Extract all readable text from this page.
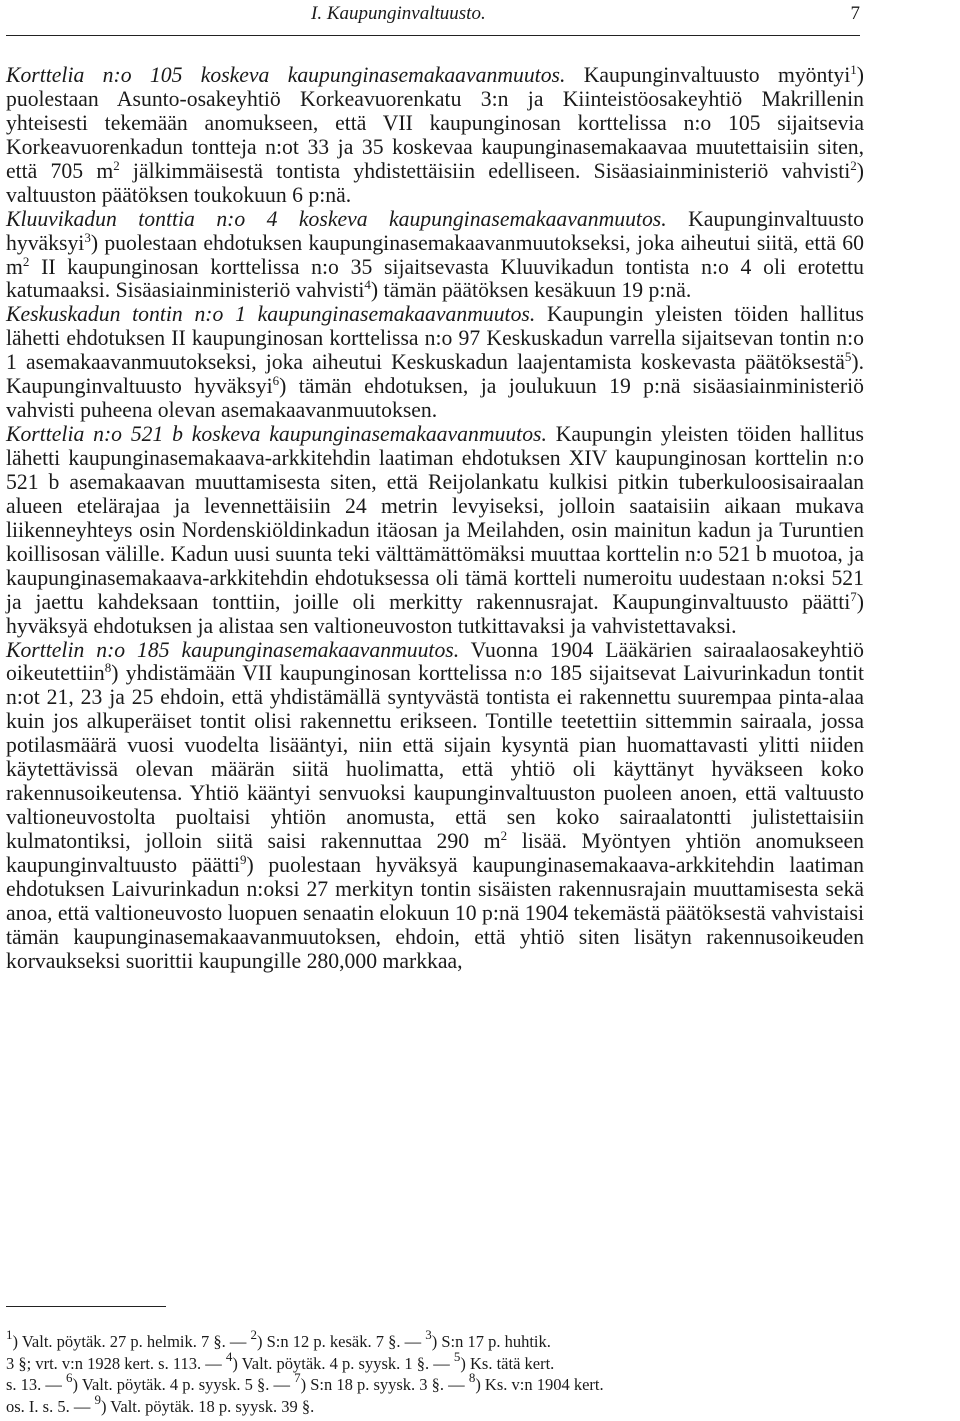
I. Kaupunginvaltuusto.	7

Korttelia n:o 105 koskeva kaupunginasemakaavanmuutos. Kaupunginvaltuusto myöntyi$^1$) puolestaan Asunto-osakeyhtiö Korkeavuorenkatu 3:n ja Kiinteistöosakeyhtiö Makrillenin yhteisesti tekemään anomukseen, että VII kaupunginosan korttelissa n:o 105 sijaitsevia Korkeavuorenkadun tontteja n:ot 33 ja 35 koskevaa kaupunginasemakaavaa muutettaisiin siten, että 705 $m^2$ jälkimmäisestä tontista yhdistettäisiin edelliseen. Sisäasiainministeriö vahvisti$^2$) valtuuston päätöksen toukokuun 6 p:nä.

Kluuvikadun tonttia n:o 4 koskeva kaupunginasemakaavanmuutos. Kaupunginvaltuusto hyväksyi$^3$) puolestaan ehdotuksen kaupunginasemakaavanmuutokseksi, joka aiheutui siitä, että 60 $m^2$ II kaupunginosan korttelissa n:o 35 sijaitsevasta Kluuvikadun tontista n:o 4 oli erotettu katumaaksi. Sisäasiainministeriö vahvisti$^4$) tämän päätöksen kesäkuun 19 p:nä.

Keskuskadun tontin n:o 1 kaupunginasemakaavanmuutos. Kaupungin yleisten töiden hallitus lähetti ehdotuksen II kaupunginosan korttelissa n:o 97 Keskuskadun varrella sijaitsevan tontin n:o 1 asemakaavanmuutokseksi, joka aiheutui Keskuskadun laajentamista koskevasta päätöksestä$^5$). Kaupunginvaltuusto hyväksyi$^6$) tämän ehdotuksen, ja joulukuun 19 p:nä sisäasiainministeriö vahvisti puheena olevan asemakaavanmuutoksen.

Korttelia n:o 521 b koskeva kaupunginasemakaavanmuutos. Kaupungin yleisten töiden hallitus lähetti kaupunginasemakaava-arkkitehdin laatiman ehdotuksen XIV kaupunginosan korttelin n:o 521 b asemakaavan muuttamisesta siten, että Reijolankatu kulkisi pitkin tuberkuloosisairaalan alueen etelärajaa ja levennettäisiin 24 metrin levyiseksi, jolloin saataisiin aikaan mukava liikenneyhteys osin Nordenskiöldinkadun itäosan ja Meilahden, osin mainitun kadun ja Turuntien koillisosan välille. Kadun uusi suunta teki välttämättömäksi muuttaa korttelin n:o 521 b muotoa, ja kaupunginasemakaava-arkkitehdin ehdotuksessa oli tämä kortteli numeroitu uudestaan n:oksi 521 ja jaettu kahdeksaan tonttiin, joille oli merkitty rakennusrajat. Kaupunginvaltuusto päätti$^7$) hyväksyä ehdotuksen ja alistaa sen valtioneuvoston tutkittavaksi ja vahvistettavaksi.

Korttelin n:o 185 kaupunginasemakaavanmuutos. Vuonna 1904 Lääkärien sairaalaosakeyhtiö oikeutettiin$^8$) yhdistämään VII kaupunginosan korttelissa n:o 185 sijaitsevat Laivurinkadun tontit n:ot 21, 23 ja 25 ehdoin, että yhdistämällä syntyvästä tontista ei rakennettu suurempaa pinta-alaa kuin jos alkuperäiset tontit olisi rakennettu erikseen. Tontille teetettiin sittemmin sairaala, jossa potilasmäärä vuosi vuodelta lisääntyi, niin että sijain kysyntä pian huomattavasti ylitti niiden käytettävissä olevan määrän siitä huolimatta, että yhtiö oli käyttänyt hyväkseen koko rakennusoikeutensa. Yhtiö kääntyi senvuoksi kaupunginvaltuuston puoleen anoen, että valtuusto valtioneuvostolta puoltaisi yhtiön anomusta, että sen koko sairaalatontti julistettaisiin kulmatontiksi, jolloin siitä saisi rakennuttaa 290 $m^2$ lisää. Myöntyen yhtiön anomukseen kaupunginvaltuusto päätti$^9$) puolestaan hyväksyä kaupunginasemakaava-arkkitehdin laatiman ehdotuksen Laivurinkadun n:oksi 27 merkityn tontin sisäisten rakennusrajain muuttamisesta sekä anoa, että valtioneuvosto luopuen senaatin elokuun 10 p:nä 1904 tekemästä päätöksestä vahvistaisi tämän kaupunginasemakaavanmuutoksen, ehdoin, että yhtiö siten lisätyn rakennusoikeuden korvaukseksi suorittii kaupungille 280,000 markkaa,

$^1$) Valt. pöytäk. 27 p. helmik. 7 §. — $^2$) S:n 12 p. kesäk. 7 §. — $^3$) S:n 17 p. huhtik.
3 §; vrt. v:n 1928 kert. s. 113. — $^4$) Valt. pöytäk. 4 p. syysk. 1 §. — $^5$) Ks. tätä kert.
s. 13. — $^6$) Valt. pöytäk. 4 p. syysk. 5 §. — $^7$) S:n 18 p. syysk. 3 §. — $^8$) Ks. v:n 1904 kert.
os. I. s. 5. — $^9$) Valt. pöytäk. 18 p. syysk. 39 §.
